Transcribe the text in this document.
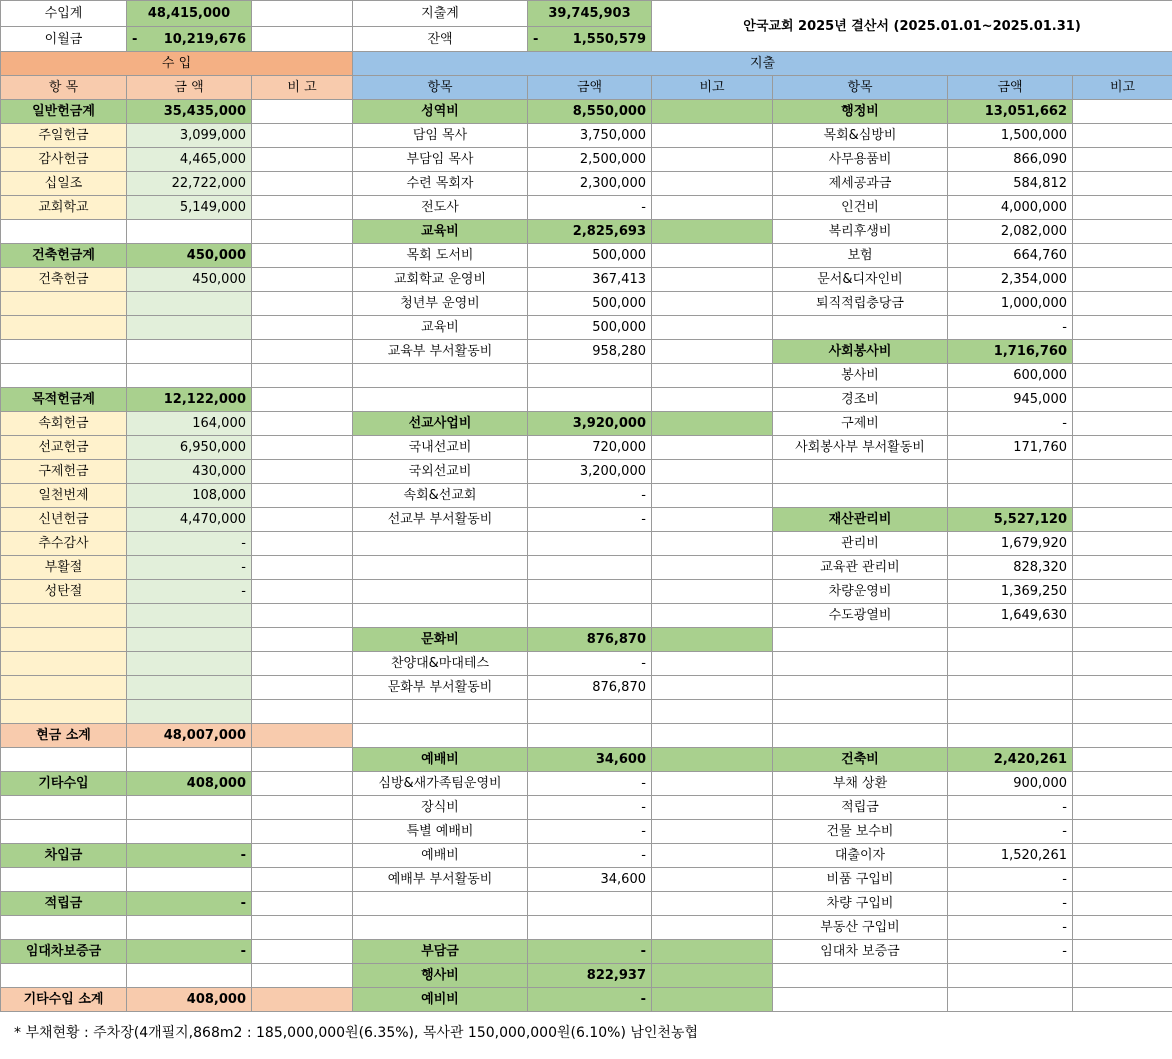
수입계	48,415,000		지출계	39,745,903	안국교회 2025년 결산서 (2025.01.01~2025.01.31)			
이월금	- 10,219,676		잔액	- 1,550,579				

수 입			지출					
항 목	금 액	비 고	항목	금액	비고	항목	금액	비고
일반헌금계	35,435,000		성역비	8,550,000		행정비	13,051,662	
주일헌금	3,099,000		담임 목사	3,750,000		목회&심방비	1,500,000	
감사헌금	4,465,000		부담임 목사	2,500,000		사무용품비	866,090	
십일조	22,722,000		수련 목회자	2,300,000		제세공과금	584,812	
교회학교	5,149,000		전도사	-		인건비	4,000,000	
			교육비	2,825,693		복리후생비	2,082,000	
건축헌금계	450,000		목회 도서비	500,000		보험	664,760	
건축헌금	450,000		교회학교 운영비	367,413		문서&디자인비	2,354,000	
			청년부 운영비	500,000		퇴직적립충당금	1,000,000	
			교육비	500,000			-	
			교육부 부서활동비	958,280		사회봉사비	1,716,760	
						봉사비	600,000	
목적헌금계	12,122,000					경조비	945,000	
속회헌금	164,000		선교사업비	3,920,000		구제비	-	
선교헌금	6,950,000		국내선교비	720,000		사회봉사부 부서활동비	171,760	
구제헌금	430,000		국외선교비	3,200,000				
일천번제	108,000		속회&선교회	-				
신년헌금	4,470,000		선교부 부서활동비	-		재산관리비	5,527,120	
추수감사	-					관리비	1,679,920	
부활절	-					교육관 관리비	828,320	
성탄절	-					차량운영비	1,369,250	
						수도광열비	1,649,630	
			문화비	876,870				
			찬양대&마대테스	-				
			문화부 부서활동비	876,870				

현금 소계	48,007,000							
			예배비	34,600		건축비	2,420,261	
기타수입	408,000		심방&새가족팀운영비	-		부채 상환	900,000	
			장식비	-		적립금	-	
			특별 예배비	-		건물 보수비	-	
차입금	-		예배비	-		대출이자	1,520,261	
			예배부 부서활동비	34,600		비품 구입비	-	
적립금	-					차량 구입비	-	
						부동산 구입비	-	
임대차보증금	-		부담금	-		임대차 보증금	-	
			행사비	822,937				
기타수입 소계	408,000		예비비	-				
* 부채현황 : 주차장(4개필지,868m2 : 185,000,000원(6.35%), 목사관 150,000,000원(6.10%) 남인천농협
